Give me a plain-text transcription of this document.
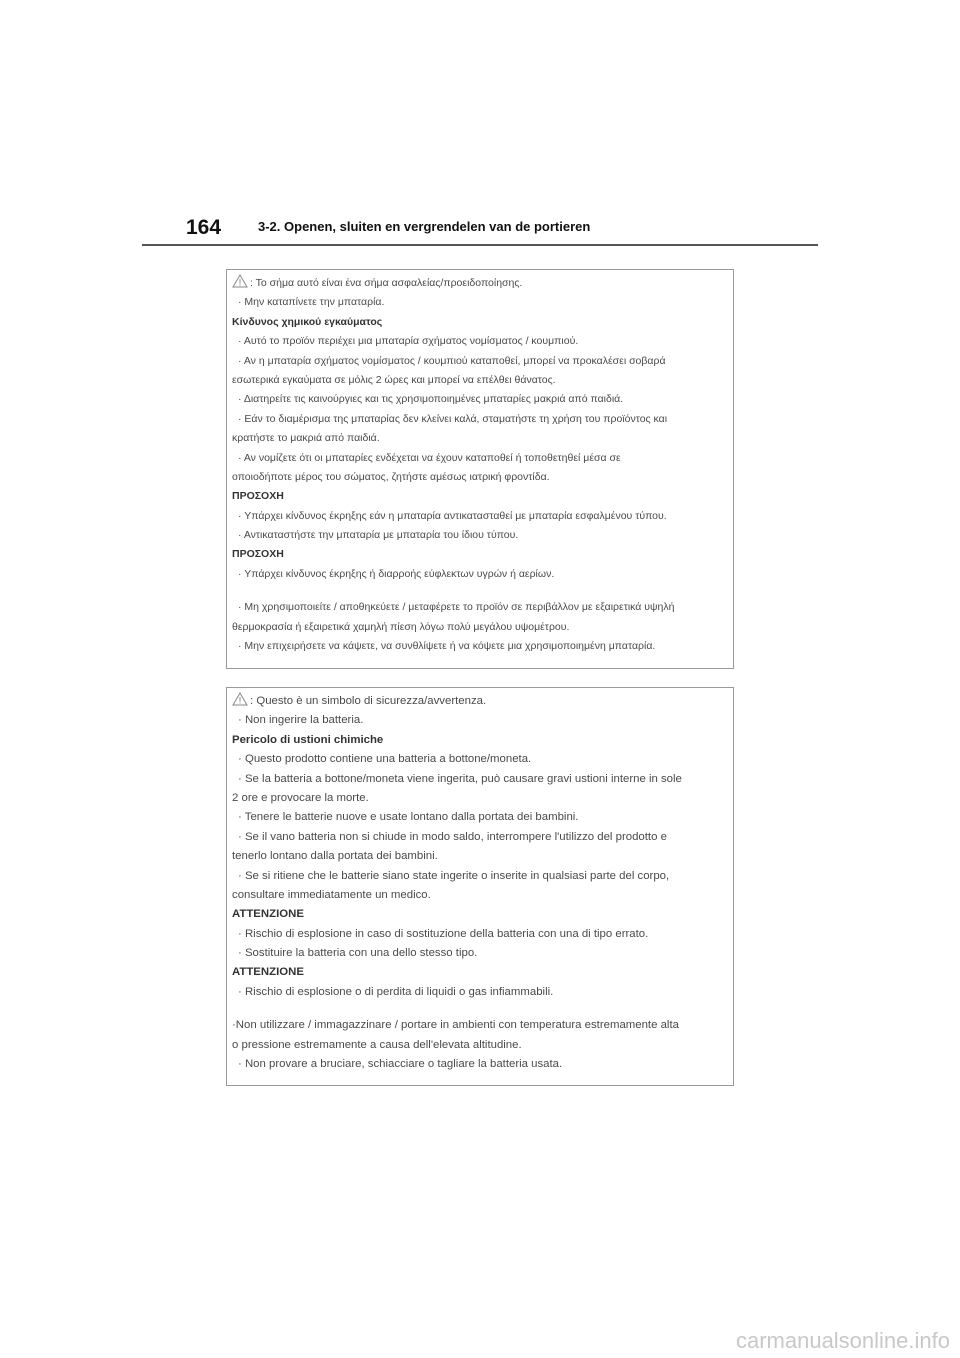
164	3-2. Openen, sluiten en vergrendelen van de portieren
: Το σήμα αυτό είναι ένα σήμα ασφαλείας/προειδοποίησης.
· Μην καταπίνετε την μπαταρία.
Κίνδυνος χημικού εγκαύματος
· Αυτό το προϊόν περιέχει μια μπαταρία σχήματος νομίσματος / κουμπιού.
· Αν η μπαταρία σχήματος νομίσματος / κουμπιού καταποθεί, μπορεί να προκαλέσει σοβαρά
εσωτερικά εγκαύματα σε μόλις 2 ώρες και μπορεί να επέλθει θάνατος.
· Διατηρείτε τις καινούργιες και τις χρησιμοποιημένες μπαταρίες μακριά από παιδιά.
· Εάν το διαμέρισμα της μπαταρίας δεν κλείνει καλά, σταματήστε τη χρήση του προϊόντος και
κρατήστε το μακριά από παιδιά.
· Αν νομίζετε ότι οι μπαταρίες ενδέχεται να έχουν καταποθεί ή τοποθετηθεί μέσα σε
οποιοδήποτε μέρος του σώματος, ζητήστε αμέσως ιατρική φροντίδα.
ΠΡΟΣΟΧΗ
· Υπάρχει κίνδυνος έκρηξης εάν η μπαταρία αντικατασταθεί με μπαταρία εσφαλμένου τύπου.
· Αντικαταστήστε την μπαταρία με μπαταρία του ίδιου τύπου.
ΠΡΟΣΟΧΗ
· Υπάρχει κίνδυνος έκρηξης ή διαρροής εύφλεκτων υγρών ή αερίων.
· Μη χρησιμοποιείτε / αποθηκεύετε / μεταφέρετε το προϊόν σε περιβάλλον με εξαιρετικά υψηλή
θερμοκρασία ή εξαιρετικά χαμηλή πίεση λόγω πολύ μεγάλου υψομέτρου.
· Μην επιχειρήσετε να κάψετε, να συνθλίψετε ή να κόψετε μια χρησιμοποιημένη μπαταρία.
: Questo è un simbolo di sicurezza/avvertenza.
· Non ingerire la batteria.
Pericolo di ustioni chimiche
· Questo prodotto contiene una batteria a bottone/moneta.
· Se la batteria a bottone/moneta viene ingerita, può causare gravi ustioni interne in sole
2 ore e provocare la morte.
· Tenere le batterie nuove e usate lontano dalla portata dei bambini.
· Se il vano batteria non si chiude in modo saldo, interrompere l'utilizzo del prodotto e
tenerlo lontano dalla portata dei bambini.
· Se si ritiene che le batterie siano state ingerite o inserite in qualsiasi parte del corpo,
consultare immediatamente un medico.
ATTENZIONE
· Rischio di esplosione in caso di sostituzione della batteria con una di tipo errato.
· Sostituire la batteria con una dello stesso tipo.
ATTENZIONE
· Rischio di esplosione o di perdita di liquidi o gas infiammabili.
·Non utilizzare / immagazzinare / portare in ambienti con temperatura estremamente alta
o pressione estremamente a causa dell'elevata altitudine.
· Non provare a bruciare, schiacciare o tagliare la batteria usata.
carmanualsonline.info
